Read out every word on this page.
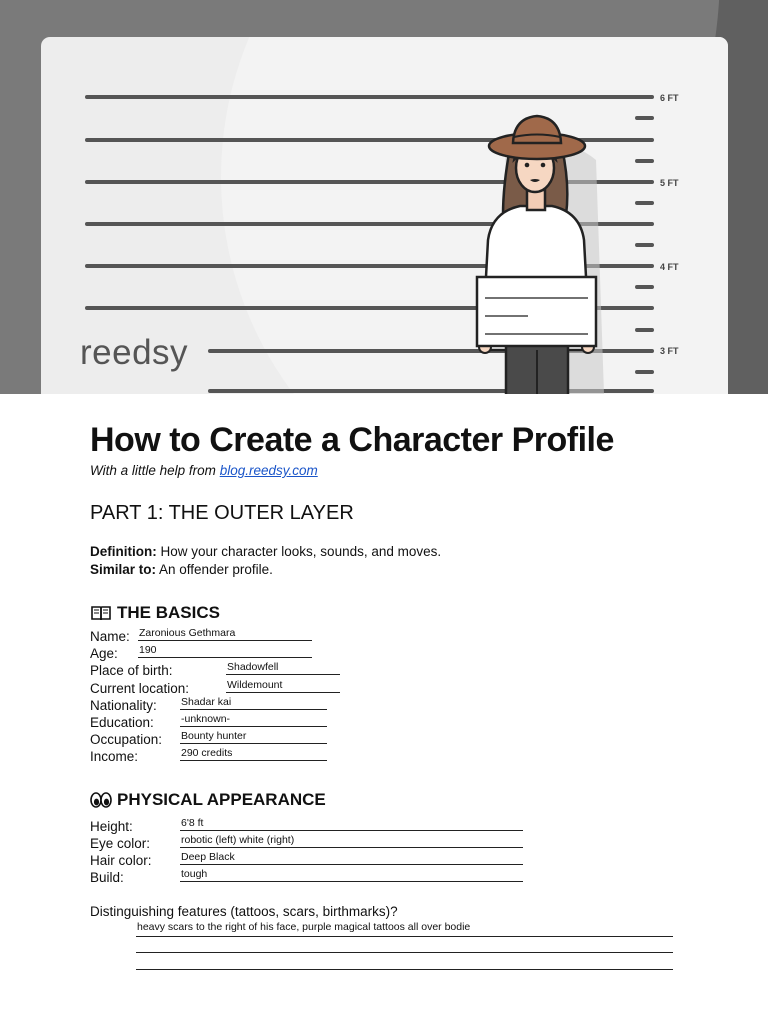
6 FT
5 FT
4 FT
3 FT
reedsy
How to Create a Character Profile
With a little help from blog.reedsy.com
PART 1: THE OUTER LAYER
Definition: How your character looks, sounds, and moves.
Similar to: An offender profile.
THE BASICS
Name: Zaronious Gethmara
Age: 190
Place of birth:	Shadowfell
Current location:	Wildemount
Nationality: Shadar kai
Education:	-unknown-
Occupation: Bounty hunter
Income:	290 credits
PHYSICAL APPEARANCE
Height:	6'8 ft
Eye color:	robotic (left) white (right)
Hair color:	Deep Black
Build:	tough
Distinguishing features (tattoos, scars, birthmarks)?
heavy scars to the right of his face, purple magical tattoos all over bodie
